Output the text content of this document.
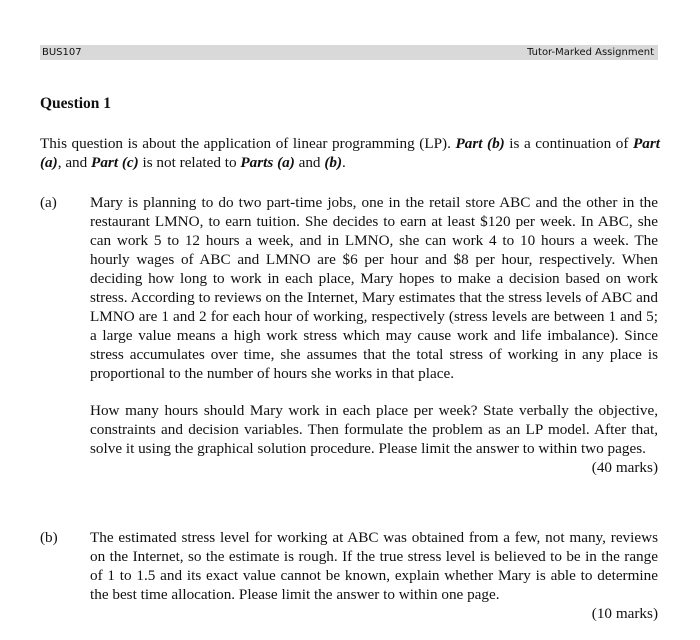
BUS107	Tutor-Marked Assignment
Question 1
This question is about the application of linear programming (LP). Part (b) is a continuation of Part (a), and Part (c) is not related to Parts (a) and (b).
(a) Mary is planning to do two part-time jobs, one in the retail store ABC and the other in the restaurant LMNO, to earn tuition. She decides to earn at least $120 per week. In ABC, she can work 5 to 12 hours a week, and in LMNO, she can work 4 to 10 hours a week. The hourly wages of ABC and LMNO are $6 per hour and $8 per hour, respectively. When deciding how long to work in each place, Mary hopes to make a decision based on work stress. According to reviews on the Internet, Mary estimates that the stress levels of ABC and LMNO are 1 and 2 for each hour of working, respectively (stress levels are between 1 and 5; a large value means a high work stress which may cause work and life imbalance). Since stress accumulates over time, she assumes that the total stress of working in any place is proportional to the number of hours she works in that place.
How many hours should Mary work in each place per week? State verbally the objective, constraints and decision variables. Then formulate the problem as an LP model. After that, solve it using the graphical solution procedure. Please limit the answer to within two pages.
(40 marks)
(b) The estimated stress level for working at ABC was obtained from a few, not many, reviews on the Internet, so the estimate is rough. If the true stress level is believed to be in the range of 1 to 1.5 and its exact value cannot be known, explain whether Mary is able to determine the best time allocation. Please limit the answer to within one page.
(10 marks)
